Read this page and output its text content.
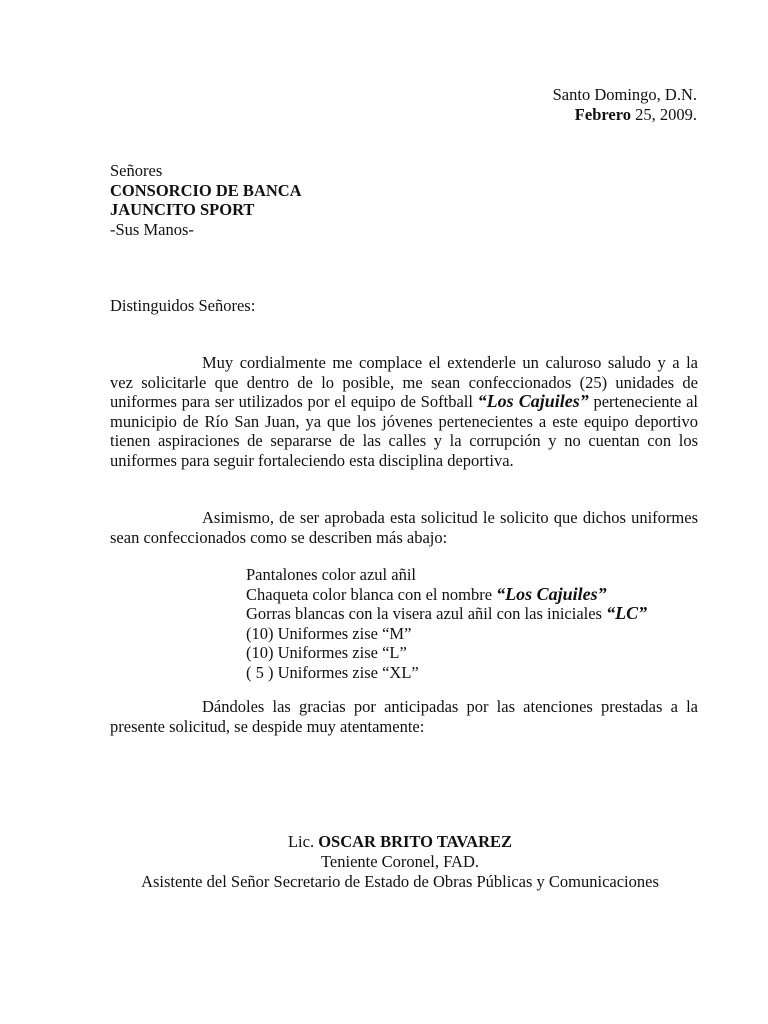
Santo Domingo, D.N.
Febrero 25, 2009.
Señores
CONSORCIO DE BANCA
JAUNCITO SPORT
-Sus Manos-
Distinguidos Señores:
Muy cordialmente me complace el extenderle un caluroso saludo y a la vez solicitarle que dentro de lo posible, me sean confeccionados (25) unidades de uniformes para ser utilizados por el equipo de Softball “Los Cajuiles” perteneciente al municipio de Río San Juan, ya que los jóvenes pertenecientes a este equipo deportivo tienen aspiraciones de separarse de las calles y la corrupción y no cuentan con los uniformes para seguir fortaleciendo esta disciplina deportiva.
Asimismo, de ser aprobada esta solicitud le solicito que dichos uniformes sean confeccionados como se describen más abajo:
Pantalones color azul añil
Chaqueta color blanca con el nombre “Los Cajuiles”
Gorras blancas con la visera azul añil con las iniciales “LC”
(10) Uniformes zise “M”
(10) Uniformes zise “L”
( 5 ) Uniformes zise “XL”
Dándoles las gracias por anticipadas por las atenciones prestadas a la presente solicitud, se despide muy atentamente:
Lic. OSCAR BRITO TAVAREZ
Teniente Coronel, FAD.
Asistente del Señor Secretario de Estado de Obras Públicas y Comunicaciones
